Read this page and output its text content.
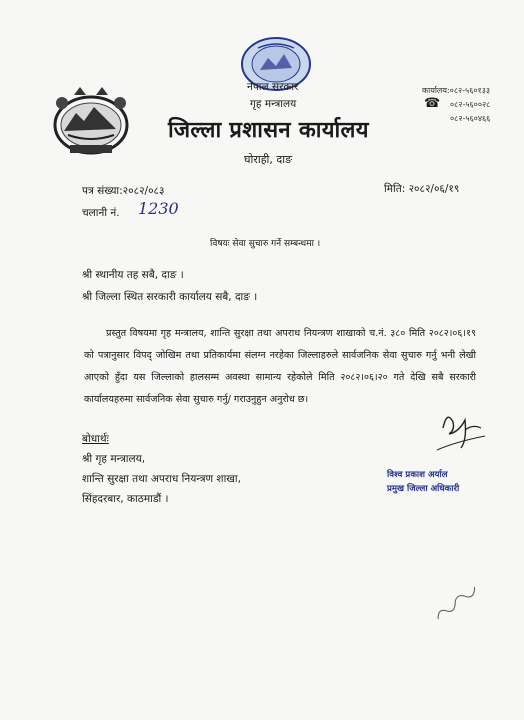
नेपाल सरकार
गृह मन्त्रालय
जिल्ला प्रशासन कार्यालय
घोराही, दाङ
कार्यालय:०८२-५६०१३३
०८२-५६००२८
०८२-५६०४६६
☎
पत्र संख्या:२०८२/०८३	मिति: २०८२/०६/१९
चलानी नं. 1230
विषयः सेवा सुचारु गर्ने सम्बन्धमा ।
श्री स्थानीय तह सबै, दाङ ।
श्री जिल्ला स्थित सरकारी कार्यालय सबै, दाङ ।
प्रस्तुत विषयमा गृह मन्त्रालय, शान्ति सुरक्षा तथा अपराध नियन्त्रण शाखाको च.नं. ३८० मिति २०८२।०६।१९ को पत्रानुसार विपद् जोखिम तथा प्रतिकार्यमा संलग्न नरहेका जिल्लाहरुले सार्वजनिक सेवा सुचारु गर्नु भनी लेखी आएको हुँदा यस जिल्लाको हालसम्म अवस्था सामान्य रहेकोले मिति २०८२।०६।२० गते देखि सबै सरकारी कार्यालयहरुमा सार्वजनिक सेवा सुचारु गर्नु/ गराउनुहुन अनुरोध छ।
बोधार्थः
श्री गृह मन्त्रालय,
शान्ति सुरक्षा तथा अपराध नियन्त्रण शाखा,
सिंहदरबार, काठमाडौं ।
विश्व प्रकाश अर्याल
प्रमुख जिल्ला अधिकारी
